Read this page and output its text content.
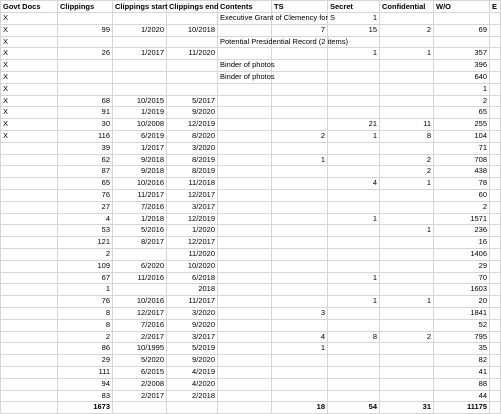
Govt Docs	Clippings	Clippings start	Clippings end	Contents	TS	Secret	Confidential	W/O	E
X				Executive Grant of Clemency for S		1			
X	99	1/2020	10/2018		7	15	2	69	
X				Potential Presidential Record (2 items)					
X	26	1/2017	11/2020			1	1	357	
X				Binder of photos				396	
X				Binder of photos				640	
X								1	
X	68	10/2015	5/2017					2	
X	91	1/2019	9/2020					65	
X	30	10/2008	12/2019			21	11	255	
X	116	6/2019	8/2020		2	1	8	104	
	39	1/2017	3/2020					71	
	62	9/2018	8/2019		1		2	708	
	87	9/2018	8/2019				2	438	
	65	10/2016	11/2018			4	1	78	
	76	11/2017	12/2017					60	
	27	7/2016	3/2017					2	
	4	1/2018	12/2019			1		1571	
	53	5/2016	1/2020				1	236	
	121	8/2017	12/2017					16	
	2		11/2020					1406	
	109	6/2020	10/2020					29	
	67	11/2016	6/2018			1		70	
	1		2018					1603	
	76	10/2016	11/2017			1	1	20	
	8	12/2017	3/2020		3			1841	
	8	7/2016	9/2020					52	
	2	2/2017	3/2017		4	8	2	795	
	86	10/1995	5/2019		1			35	
	29	5/2020	9/2020					82	
	111	6/2015	4/2019					41	
	94	2/2008	4/2020					88	
	83	2/2017	2/2018					44	
	1673				18	54	31	11175	
